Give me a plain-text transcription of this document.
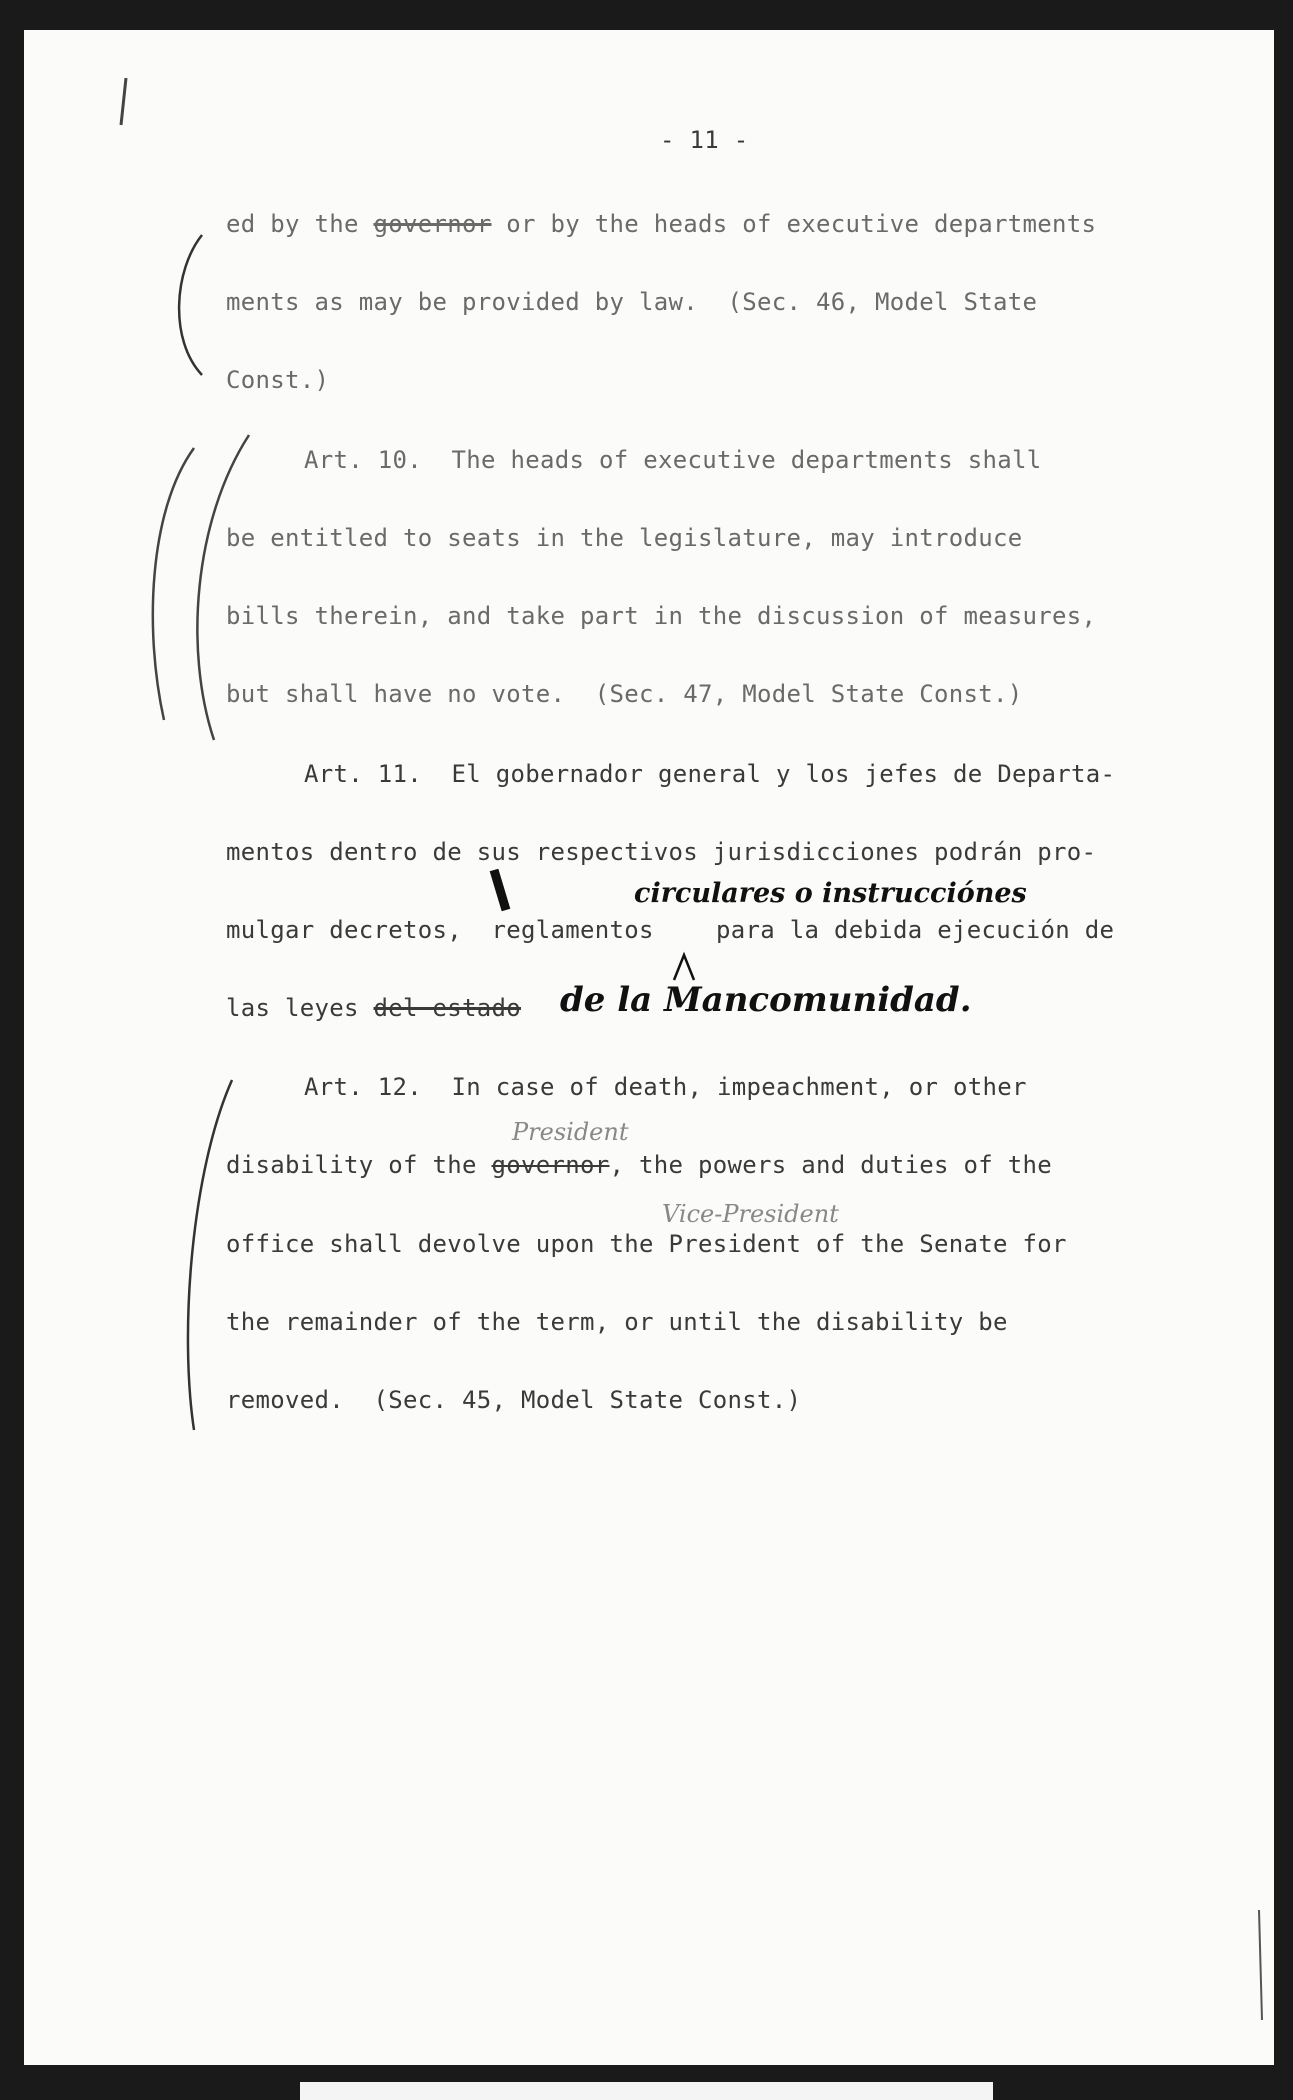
- 11 -
ed by the governor or by the heads of executive departments
ments as may be provided by law.  (Sec. 46, Model State
Const.)
Art. 10.  The heads of executive departments shall
be entitled to seats in the legislature, may introduce
bills therein, and take part in the discussion of measures,
but shall have no vote.  (Sec. 47, Model State Const.)
Art. 11.  El gobernador general y los jefes de Departa-
mentos dentro de sus respectivos jurisdicciones podrán pro-
circulares o instrucciónes
mulgar decretos,  reglamentos	para la debida ejecución de
las leyes del estado de la Mancomunidad.
Art. 12.  In case of death, impeachment, or other
President
disability of the governor, the powers and duties of the
Vice-President
office shall devolve upon the President of the Senate for
the remainder of the term, or until the disability be
removed.  (Sec. 45, Model State Const.)
